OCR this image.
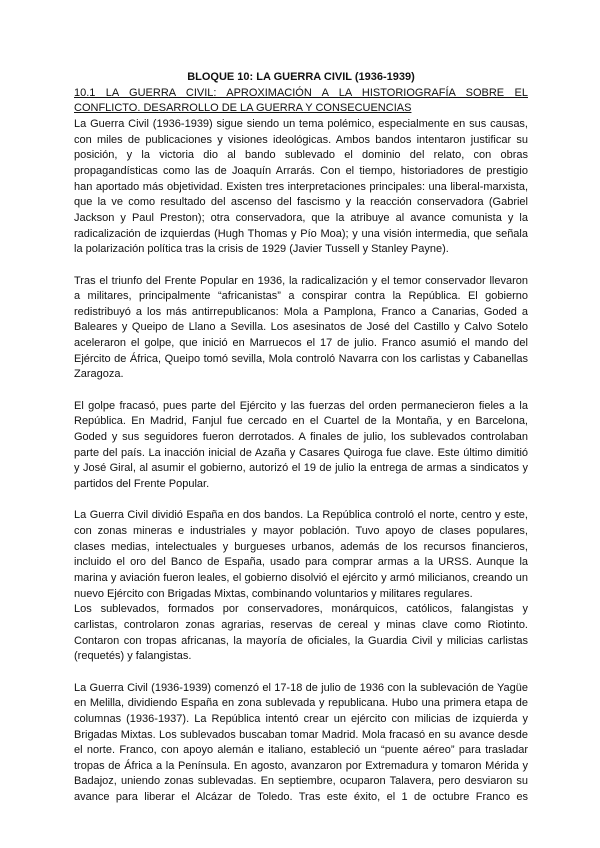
BLOQUE 10: LA GUERRA CIVIL (1936-1939)

10.1 LA GUERRA CIVIL: APROXIMACIÓN A LA HISTORIOGRAFÍA SOBRE EL
CONFLICTO. DESARROLLO DE LA GUERRA Y CONSECUENCIAS

La Guerra Civil (1936-1939) sigue siendo un tema polémico, especialmente en sus causas,
con miles de publicaciones y visiones ideológicas. Ambos bandos intentaron justificar su
posición, y la victoria dio al bando sublevado el dominio del relato, con obras
propagandísticas como las de Joaquín Arrarás. Con el tiempo, historiadores de prestigio
han aportado más objetividad. Existen tres interpretaciones principales: una liberal-marxista,
que la ve como resultado del ascenso del fascismo y la reacción conservadora (Gabriel
Jackson y Paul Preston); otra conservadora, que la atribuye al avance comunista y la
radicalización de izquierdas (Hugh Thomas y Pío Moa); y una visión intermedia, que señala
la polarización política tras la crisis de 1929 (Javier Tussell y Stanley Payne).

Tras el triunfo del Frente Popular en 1936, la radicalización y el temor conservador llevaron
a militares, principalmente “africanistas” a conspirar contra la República. El gobierno
redistribuyó a los más antirrepublicanos: Mola a Pamplona, Franco a Canarias, Goded a
Baleares y Queipo de Llano a Sevilla. Los asesinatos de José del Castillo y Calvo Sotelo
aceleraron el golpe, que inició en Marruecos el 17 de julio. Franco asumió el mando del
Ejército de África, Queipo tomó sevilla, Mola controló Navarra con los carlistas y Cabanellas
Zaragoza.

El golpe fracasó, pues parte del Ejército y las fuerzas del orden permanecieron fieles a la
República. En Madrid, Fanjul fue cercado en el Cuartel de la Montaña, y en Barcelona,
Goded y sus seguidores fueron derrotados. A finales de julio, los sublevados controlaban
parte del país. La inacción inicial de Azaña y Casares Quiroga fue clave. Este último dimitió
y José Giral, al asumir el gobierno, autorizó el 19 de julio la entrega de armas a sindicatos y
partidos del Frente Popular.

La Guerra Civil dividió España en dos bandos. La República controló el norte, centro y este,
con zonas mineras e industriales y mayor población. Tuvo apoyo de clases populares,
clases medias, intelectuales y burgueses urbanos, además de los recursos financieros,
incluido el oro del Banco de España, usado para comprar armas a la URSS. Aunque la
marina y aviación fueron leales, el gobierno disolvió el ejército y armó milicianos, creando un
nuevo Ejército con Brigadas Mixtas, combinando voluntarios y militares regulares.

Los sublevados, formados por conservadores, monárquicos, católicos, falangistas y
carlistas, controlaron zonas agrarias, reservas de cereal y minas clave como Riotinto.
Contaron con tropas africanas, la mayoría de oficiales, la Guardia Civil y milicias carlistas
(requetés) y falangistas.

La Guerra Civil (1936-1939) comenzó el 17-18 de julio de 1936 con la sublevación de Yagüe
en Melilla, dividiendo España en zona sublevada y republicana. Hubo una primera etapa de
columnas (1936-1937). La República intentó crear un ejército con milicias de izquierda y
Brigadas Mixtas. Los sublevados buscaban tomar Madrid. Mola fracasó en su avance desde
el norte. Franco, con apoyo alemán e italiano, estableció un “puente aéreo” para trasladar
tropas de África a la Península. En agosto, avanzaron por Extremadura y tomaron Mérida y
Badajoz, uniendo zonas sublevadas. En septiembre, ocuparon Talavera, pero desviaron su
avance para liberar el Alcázar de Toledo. Tras este éxito, el 1 de octubre Franco es
